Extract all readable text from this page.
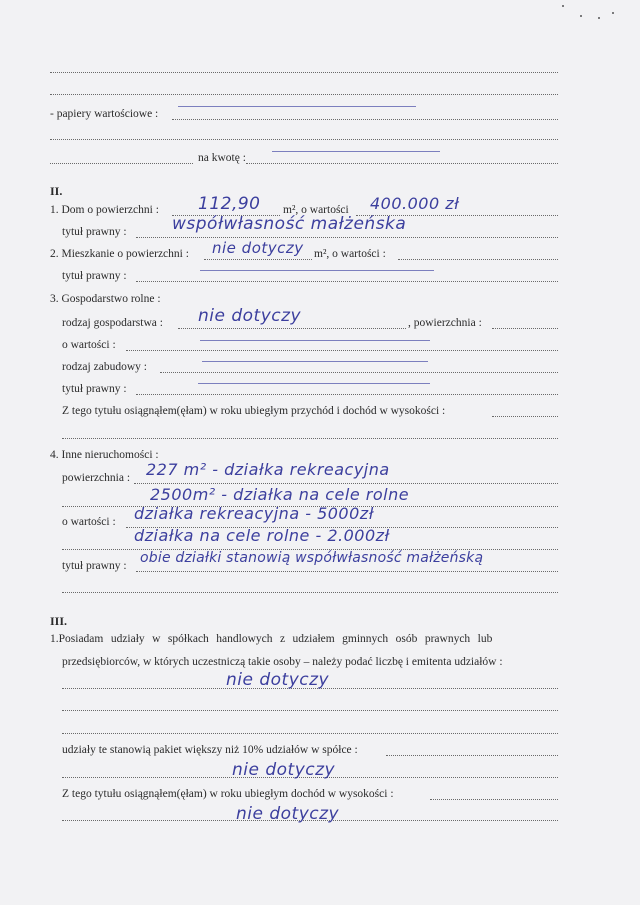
- papiery wartościowe :
na kwotę :
II.
1. Dom o powierzchni : 112,90 m², o wartości 400.000 zł
tytuł prawny :	współwłasność małżeńska
2. Mieszkanie o powierzchni : nie dotyczy m², o wartości :
tytuł prawny :
3. Gospodarstwo rolne :
rodzaj gospodarstwa : nie dotyczy	, powierzchnia :
o wartości :
rodzaj zabudowy :
tytuł prawny :
Z tego tytułu osiągnąłem(ęłam) w roku ubiegłym przychód i dochód w wysokości :
4. Inne nieruchomości :
powierzchnia : 227 m² - działka rekreacyjna
2500m² - działka na cele rolne
o wartości : działka rekreacyjna - 5000zł
działka na cele rolne - 2.000zł
tytuł prawny : obie działki stanowią współwłasność małżeńską
III.
1.Posiadam udziały w spółkach handlowych z udziałem gminnych osób prawnych lub
przedsiębiorców, w których uczestniczą takie osoby – należy podać liczbę i emitenta udziałów :
nie dotyczy
udziały te stanowią pakiet większy niż 10% udziałów w spółce :
nie dotyczy
Z tego tytułu osiągnąłem(ęłam) w roku ubiegłym dochód w wysokości :
nie dotyczy
